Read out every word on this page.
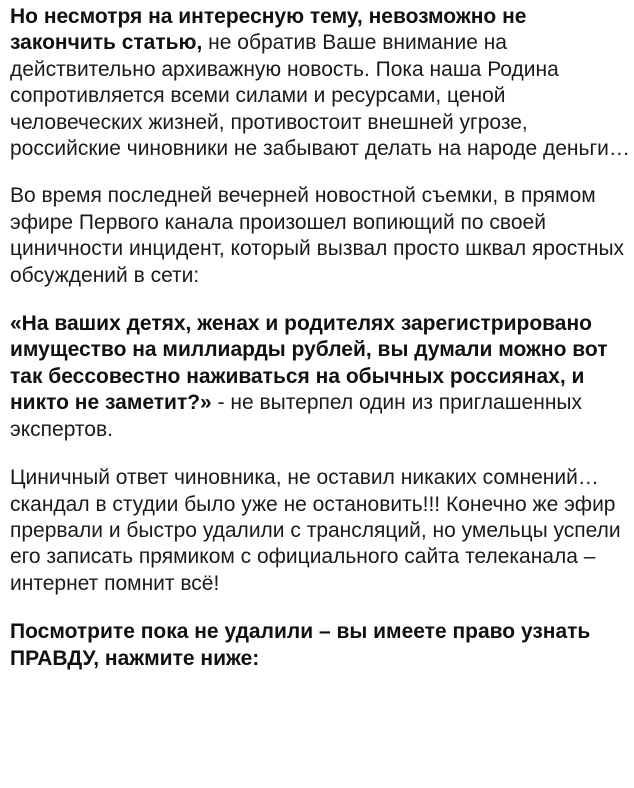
Но несмотря на интересную тему, невозможно не закончить статью, не обратив Ваше внимание на действительно архиважную новость. Пока наша Родина сопротивляется всеми силами и ресурсами, ценой человеческих жизней, противостоит внешней угрозе, российские чиновники не забывают делать на народе деньги…

Во время последней вечерней новостной съемки, в прямом эфире Первого канала произошел вопиющий по своей циничности инцидент, который вызвал просто шквал яростных обсуждений в сети:

«На ваших детях, женах и родителях зарегистрировано имущество на миллиарды рублей, вы думали можно вот так бессовестно наживаться на обычных россиянах, и никто не заметит?» - не вытерпел один из приглашенных экспертов.

Циничный ответ чиновника, не оставил никаких сомнений… скандал в студии было уже не остановить!!! Конечно же эфир прервали и быстро удалили с трансляций, но умельцы успели его записать прямиком с официального сайта телеканала – интернет помнит всё!

Посмотрите пока не удалили – вы имеете право узнать ПРАВДУ, нажмите ниже:
